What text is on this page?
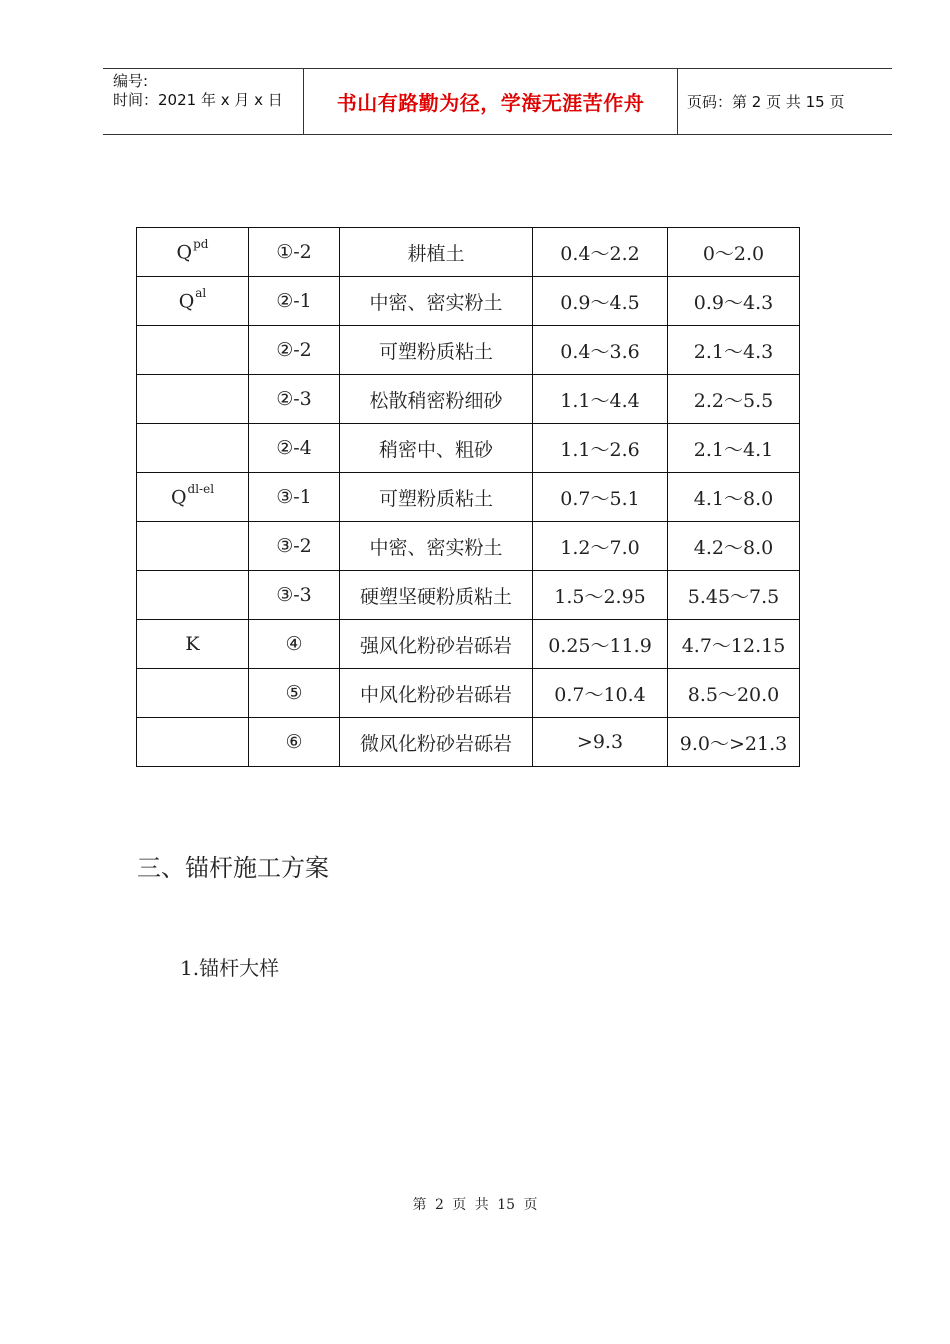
编号:
时间：2021 年 x 月 x 日	书山有路勤为径，学海无涯苦作舟	页码：第 2 页 共 15 页
$Q^{pd}$	①-2	耕植土	0.4～2.2	0～2.0
$Q^{al}$	②-1	中密、密实粉土	0.9～4.5	0.9～4.3
	②-2	可塑粉质粘土	0.4～3.6	2.1～4.3
	②-3	松散稍密粉细砂	1.1～4.4	2.2～5.5
	②-4	稍密中、粗砂	1.1～2.6	2.1～4.1
$Q^{dl-el}$	③-1	可塑粉质粘土	0.7～5.1	4.1～8.0
	③-2	中密、密实粉土	1.2～7.0	4.2～8.0
	③-3	硬塑坚硬粉质粘土	1.5～2.95	5.45～7.5
K	④	强风化粉砂岩砾岩	0.25～11.9	4.7～12.15
	⑤	中风化粉砂岩砾岩	0.7～10.4	8.5～20.0
	⑥	微风化粉砂岩砾岩	>9.3	9.0～>21.3
三、锚杆施工方案
1.锚杆大样
第 2 页 共 15 页
